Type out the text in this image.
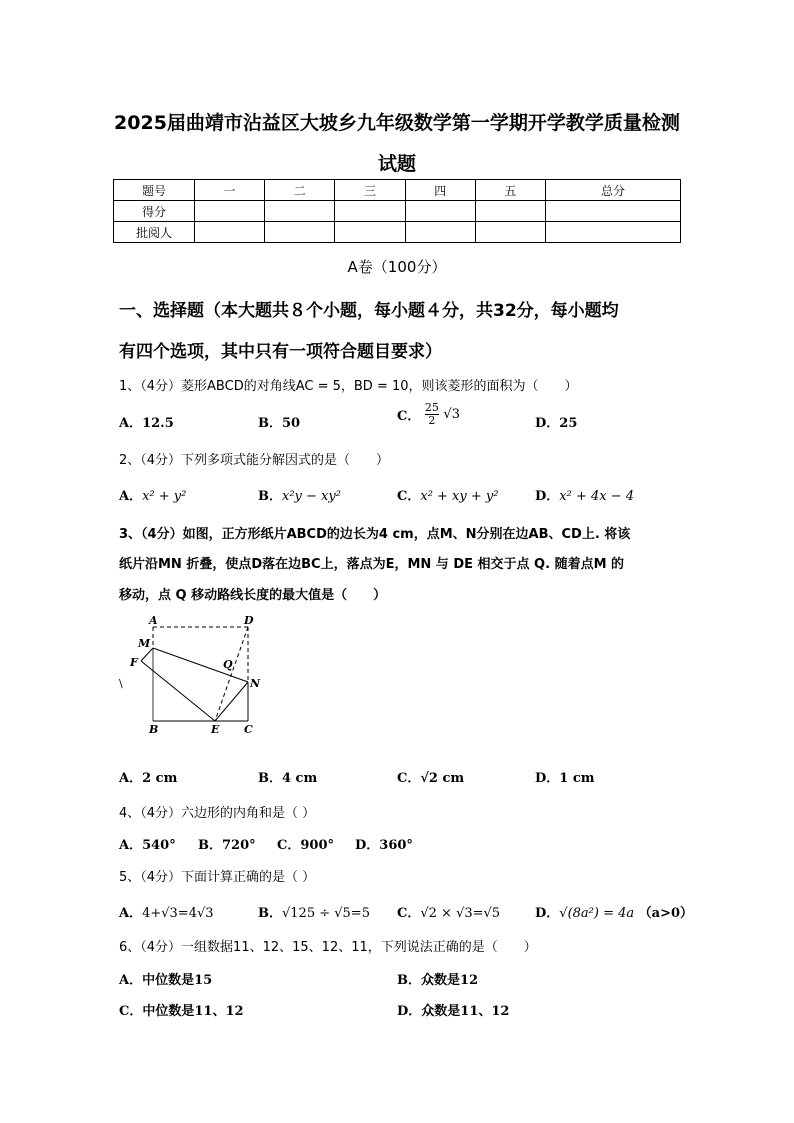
2025届曲靖市沾益区大坡乡九年级数学第一学期开学教学质量检测
试题
题号	一	二	三	四	五	总分
得分						
批阅人						
A卷（100分）
一、选择题（本大题共８个小题，每小题４分，共32分，每小题均
有四个选项，其中只有一项符合题目要求）
1、（4分）菱形ABCD的对角线AC = 5，BD = 10，则该菱形的面积为（　　）
A．12.5	B．50	C． $\frac{25}{2} √3$
D．25
2、（4分）下列多项式能分解因式的是（　　）
A．x² + y²	B．x²y − xy²	C．x² + xy + y²	D．x² + 4x − 4
3、（4分）如图，正方形纸片ABCD的边长为4 cm，点M、N分别在边AB、CD上. 将该
纸片沿MN 折叠，使点D落在边BC上，落点为E，MN 与 DE 相交于点 Q. 随着点M 的
移动，点 Q 移动路线长度的最大值是（　　）
A	D
M
F	Q
N
B	E C
\
A．2 cm	B．4 cm	C．√2 cm	D．1 cm
4、（4分）六边形的内角和是（ ）
A．540° B．720° C．900° D．360°
5、（4分）下面计算正确的是（ ）
A．4+√3=4√3	B．√125 ÷ √5=5 C．√2 × √3=√5	D．√(8a²) = 4a （a>0）
6、（4分）一组数据11、12、15、12、11，下列说法正确的是（　　）
A．中位数是15	B．众数是12
C．中位数是11、12	D．众数是11、12
